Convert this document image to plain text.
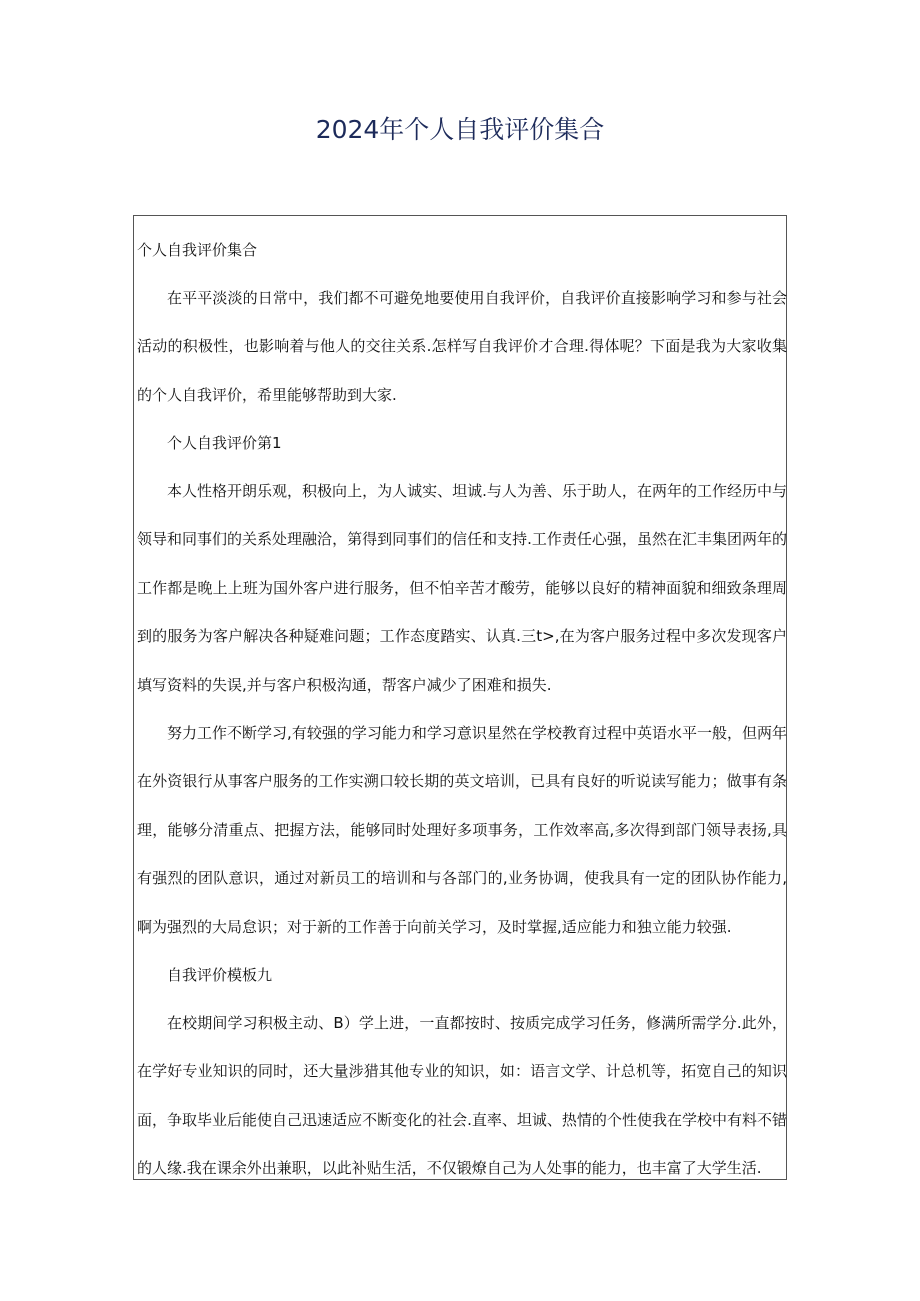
2024年个人自我评价集合

个人自我评价集合

在平平淡淡的日常中，我们都不可避免地要使用自我评价，自我评价直接影响学习和参与社会活动的积极性，也影响着与他人的交往关系.怎样写自我评价才合理.得体呢？下面是我为大家收集的个人自我评价，希里能够帮助到大家.

个人自我评价第1

本人性格开朗乐观，积极向上，为人诚实、坦诚.与人为善、乐于助人，在两年的工作经历中与领导和同事们的关系处理融洽，第得到同事们的信任和支持.工作责任心强，虽然在汇丰集团两年的工作都是晚上上班为国外客户进行服务，但不怕辛苦才酸劳，能够以良好的精神面貌和细致条理周到的服务为客户解决各种疑难问题；工作态度踏实、认真.三t>,在为客户服务过程中多次发现客户填写资料的失误,并与客户积极沟通，帮客户减少了困难和损失.

努力工作不断学习,有较强的学习能力和学习意识星然在学校教育过程中英语水平一般，但两年在外资银行从事客户服务的工作实溯口较长期的英文培训，已具有良好的听说读写能力；做事有条理，能够分清重点、把握方法，能够同时处理好多项事务，工作效率高,多次得到部门领导表扬,具有强烈的团队意识，通过对新员工的培训和与各部门的,业务协调，使我具有一定的团队协作能力,啊为强烈的大局怠识；对于新的工作善于向前关学习，及时掌握,适应能力和独立能力较强.

自我评价模板九

在校期间学习积极主动、B）学上进，一直都按时、按质完成学习任务，修满所需学分.此外，在学好专业知识的同时，还大量涉猎其他专业的知识，如：语言文学、计总机等，拓宽自己的知识面，争取毕业后能使自己迅速适应不断变化的社会.直率、坦诚、热情的个性使我在学校中有料不错的人缘.我在课余外出兼职，以此补贴生活，不仅锻燎自己为人处事的能力，也丰富了大学生活.
